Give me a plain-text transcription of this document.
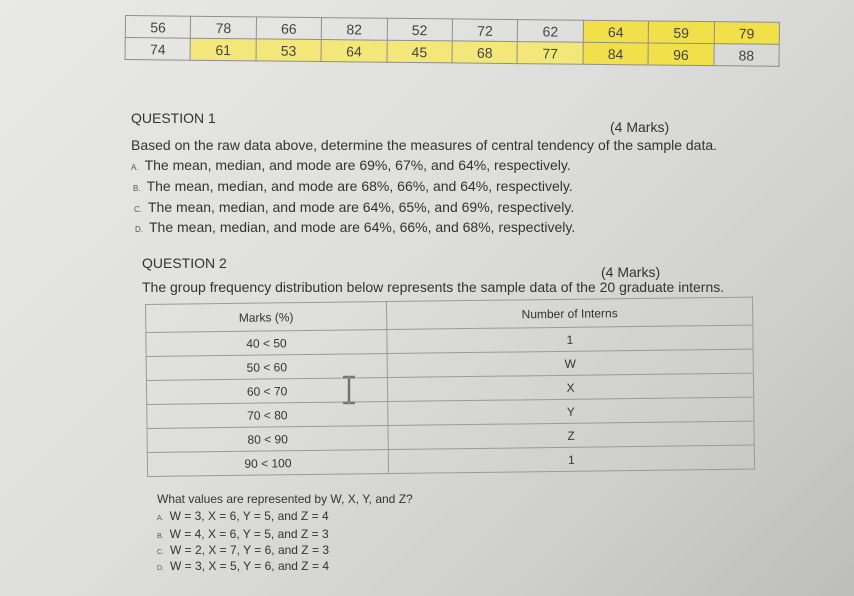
56	78	66	82	52	72	62	64	59	79
74	61	53	64	45	68	77	84	96	88
QUESTION 1
(4 Marks)
Based on the raw data above, determine the measures of central tendency of the sample data.
A. The mean, median, and mode are 69%, 67%, and 64%, respectively.
B. The mean, median, and mode are 68%, 66%, and 64%, respectively.
C. The mean, median, and mode are 64%, 65%, and 69%, respectively.
D. The mean, median, and mode are 64%, 66%, and 68%, respectively.
QUESTION 2
(4 Marks)
The group frequency distribution below represents the sample data of the 20 graduate interns.
Marks (%)	Number of Interns
40 < 50	1
50 < 60	W
60 < 70	X
70 < 80	Y
80 < 90	Z
90 < 100	1
What values are represented by W, X, Y, and Z?
A. W = 3, X = 6, Y = 5, and Z = 4
B. W = 4, X = 6, Y = 5, and Z = 3
C. W = 2, X = 7, Y = 6, and Z = 3
D. W = 3, X = 5, Y = 6, and Z = 4
